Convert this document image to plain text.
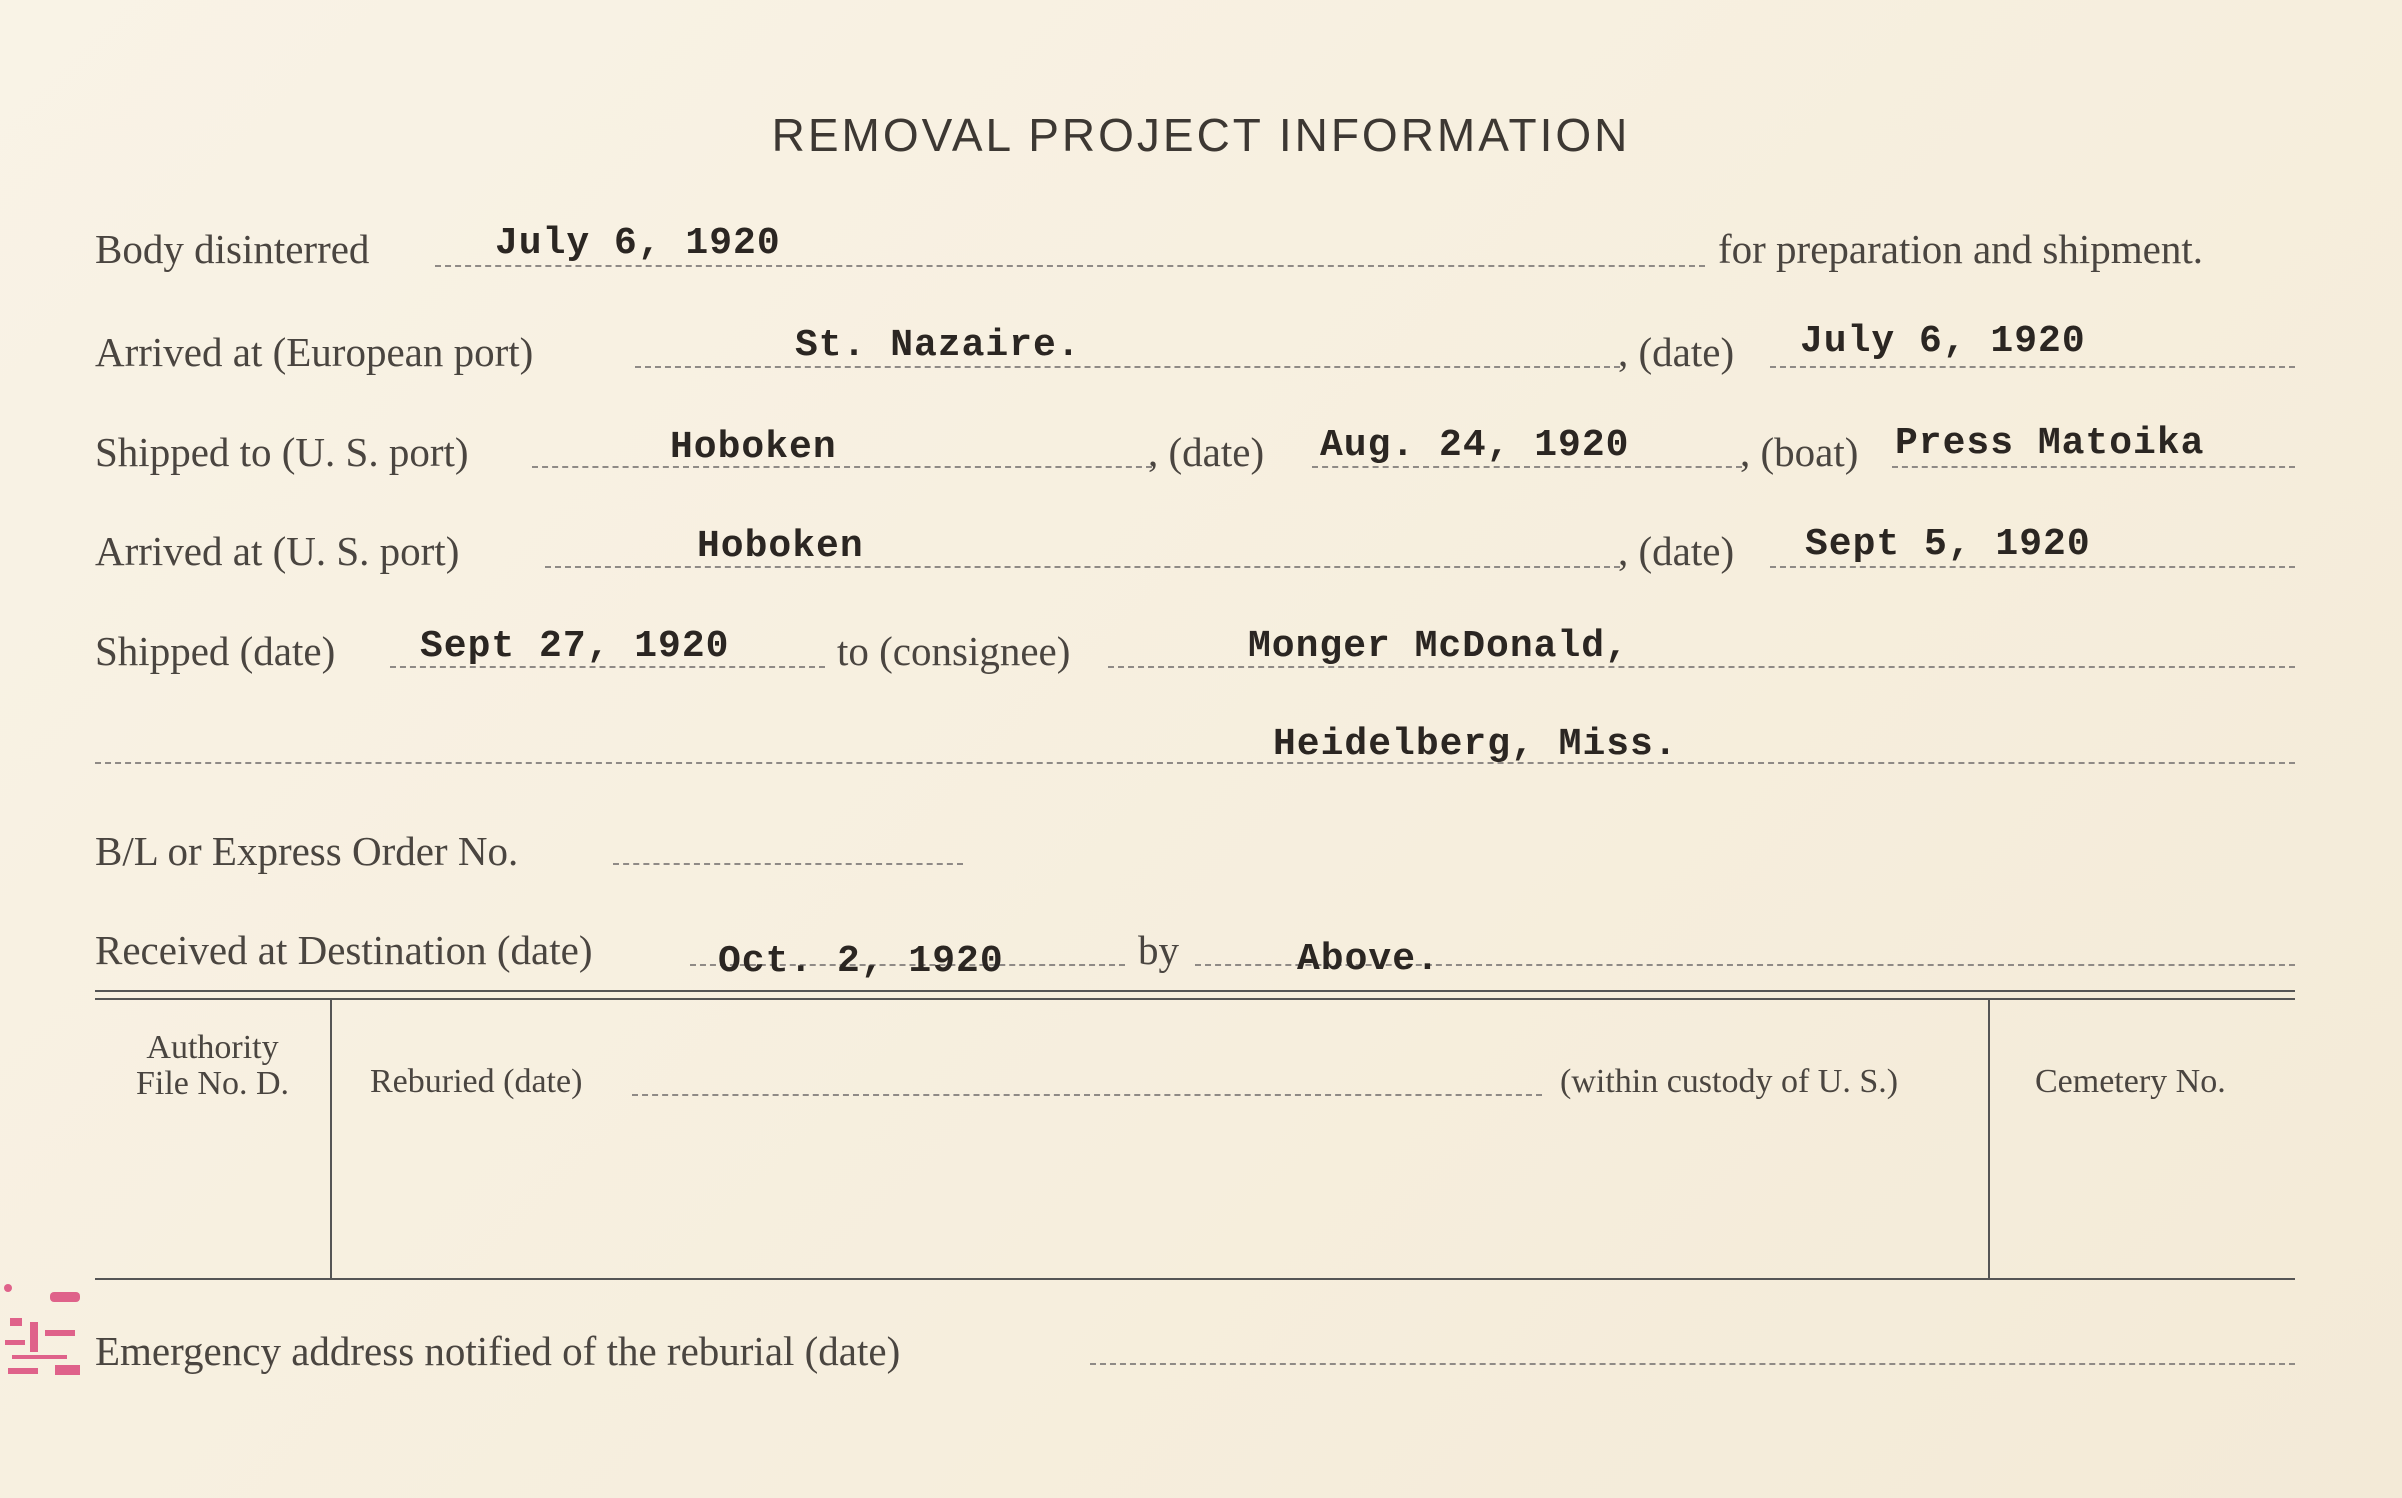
REMOVAL PROJECT INFORMATION
Body disinterred	July 6, 1920	for preparation and shipment.
Arrived at (European port)	St. Nazaire.	, (date) July 6, 1920
Shipped to (U. S. port)	Hoboken	, (date) Aug. 24, 1920	, (boat) Press Matoika
Arrived at (U. S. port)	Hoboken	, (date) Sept 5, 1920
Shipped (date) Sept 27, 1920	to (consignee)	Monger McDonald,
Heidelberg, Miss.
B/L or Express Order No.
Received at Destination (date)	Oct. 2, 1920	by	Above.
Authority
File No. D.	Reburied (date)	(within custody of U. S.)	Cemetery No.
Emergency address notified of the reburial (date)
